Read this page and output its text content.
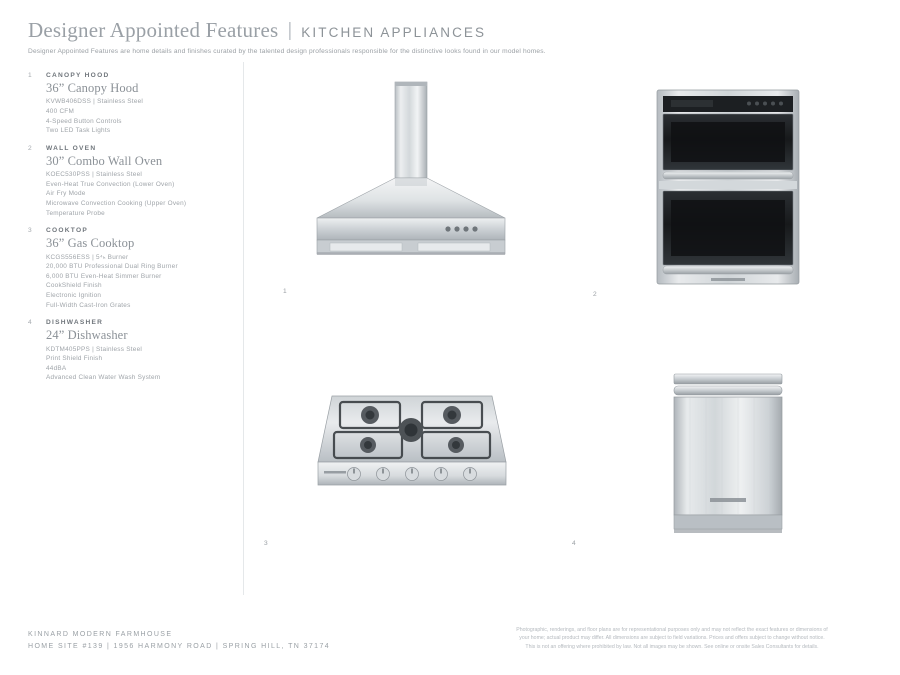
Designer Appointed Features | KITCHEN APPLIANCES
Designer Appointed Features are home details and finishes curated by the talented design professionals responsible for the distinctive looks found in our model homes.
1 CANOPY HOOD
36” Canopy Hood
KVWB406DSS | Stainless Steel
400 CFM
4-Speed Button Controls
Two LED Task Lights
2 WALL OVEN
30” Combo Wall Oven
KOEC530PSS | Stainless Steel
Even-Heat True Convection (Lower Oven)
Air Fry Mode
Microwave Convection Cooking (Upper Oven)
Temperature Probe
3 COOKTOP
36” Gas Cooktop
KCGS556ESS | 5⁴ₕ Burner
20,000 BTU Professional Dual Ring Burner
6,000 BTU Even-Heat Simmer Burner
CookShield Finish
Electronic Ignition
Full-Width Cast-Iron Grates
4 DISHWASHER
24” Dishwasher
KDTM405PPS | Stainless Steel
Print Shield Finish
44dBA
Advanced Clean Water Wash System
1	2
3	4
KINNARD MODERN FARMHOUSE
HOME SITE #139 | 1956 HARMONY ROAD | SPRING HILL, TN 37174
Photographic, renderings, and floor plans are for representational purposes only and may not reflect the exact features or dimensions of
your home; actual product may differ. All dimensions are subject to field variations. Prices and offers subject to change without notice.
This is not an offering where prohibited by law. Not all images may be shown. See online or onsite Sales Consultants for details.
